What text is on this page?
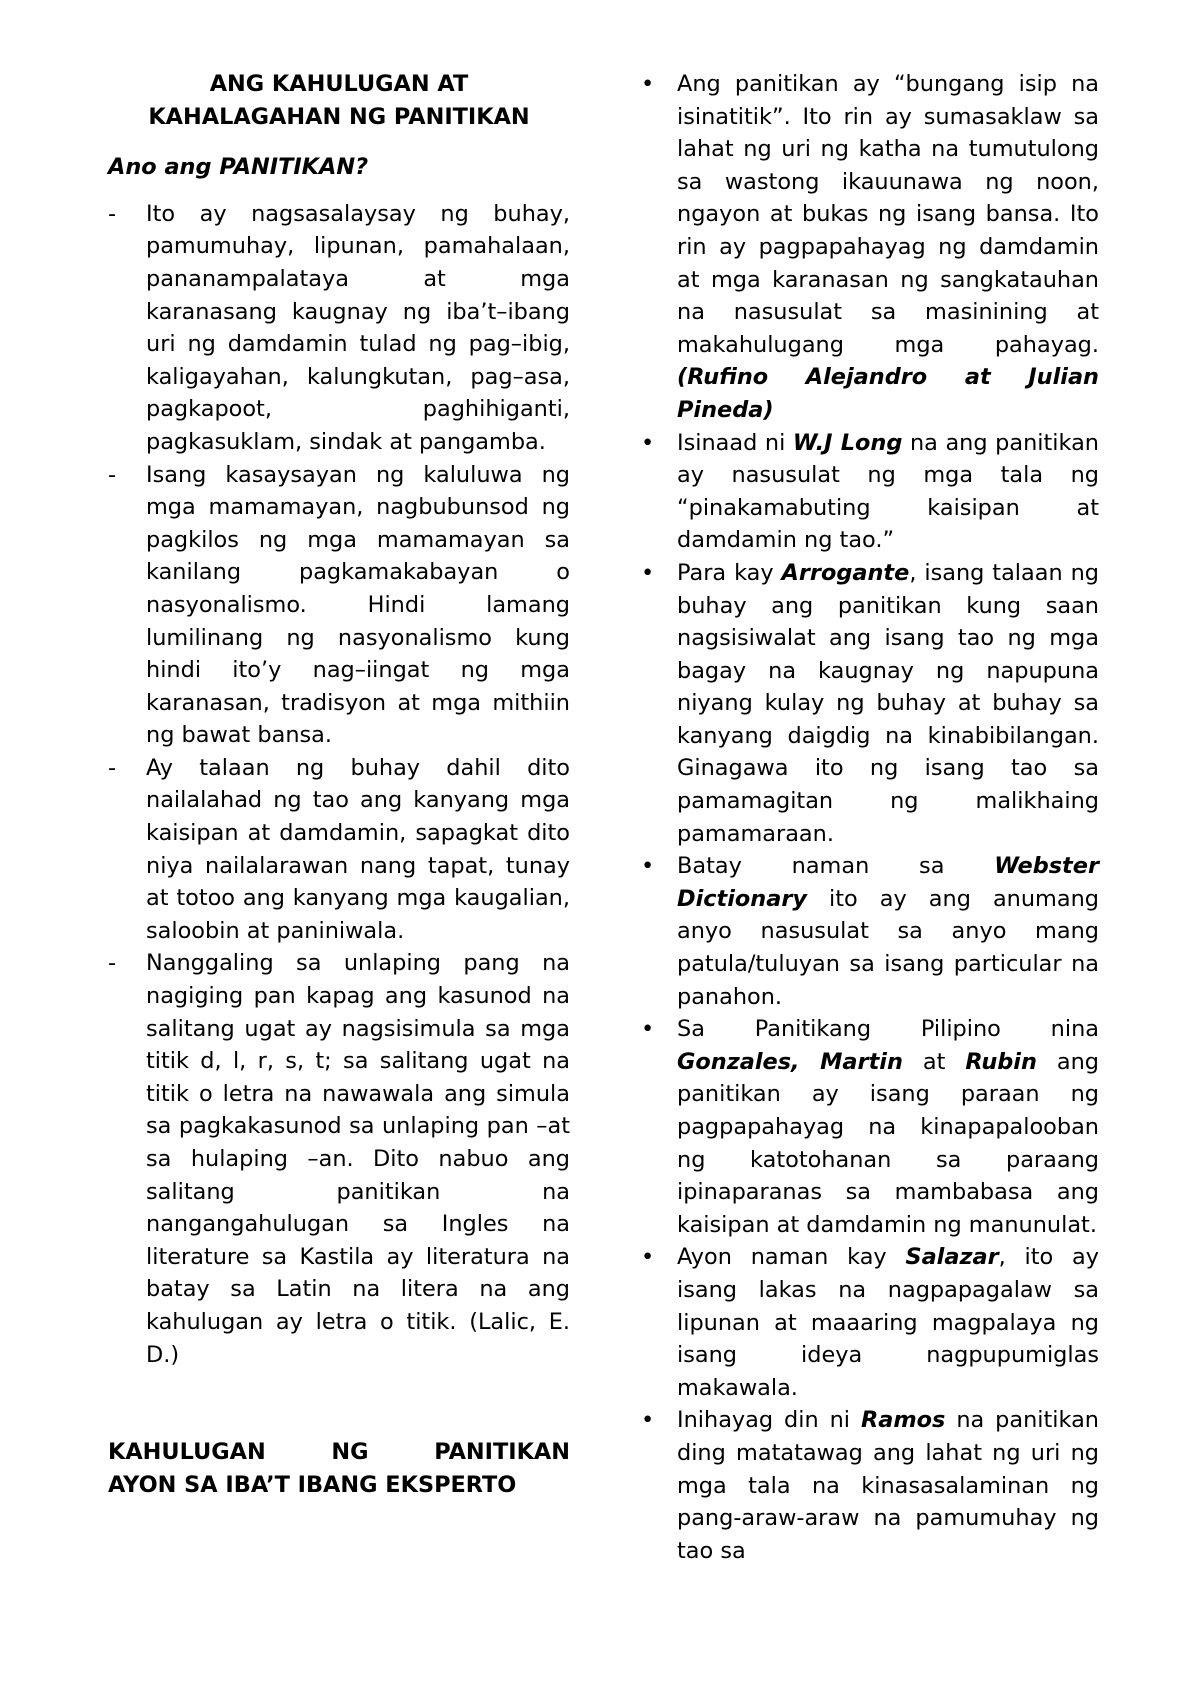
ANG KAHULUGAN AT
KAHALAGAHAN NG PANITIKAN
Ano ang PANITIKAN?
- Ito ay nagsasalaysay ng buhay, pamumuhay, lipunan, pamahalaan, pananampalataya at mga karanasang kaugnay ng iba’t–ibang uri ng damdamin tulad ng pag–ibig, kaligayahan, kalungkutan, pag–asa, pagkapoot, paghihiganti, pagkasuklam, sindak at pangamba.
- Isang kasaysayan ng kaluluwa ng mga mamamayan, nagbubunsod ng pagkilos ng mga mamamayan sa kanilang pagkamakabayan o nasyonalismo. Hindi lamang lumilinang ng nasyonalismo kung hindi ito’y nag–iingat ng mga karanasan, tradisyon at mga mithiin ng bawat bansa.
- Ay talaan ng buhay dahil dito nailalahad ng tao ang kanyang mga kaisipan at damdamin, sapagkat dito niya nailalarawan nang tapat, tunay at totoo ang kanyang mga kaugalian, saloobin at paniniwala.
- Nanggaling sa unlaping pang na nagiging pan kapag ang kasunod na salitang ugat ay nagsisimula sa mga titik d, l, r, s, t; sa salitang ugat na titik o letra na nawawala ang simula sa pagkakasunod sa unlaping pan –at sa hulaping –an. Dito nabuo ang salitang panitikan na nangangahulugan sa Ingles na literature sa Kastila ay literatura na batay sa Latin na litera na ang kahulugan ay letra o titik. (Lalic, E. D.)
KAHULUGAN NG PANITIKAN
AYON SA IBA’T IBANG EKSPERTO
• Ang panitikan ay “bungang isip na isinatitik”. Ito rin ay sumasaklaw sa lahat ng uri ng katha na tumutulong sa wastong ikauunawa ng noon, ngayon at bukas ng isang bansa. Ito rin ay pagpapahayag ng damdamin at mga karanasan ng sangkatauhan na nasusulat sa masinining at makahulugang mga pahayag. (Rufino Alejandro at Julian Pineda)
• Isinaad ni W.J Long na ang panitikan ay nasusulat ng mga tala ng “pinakamabuting kaisipan at damdamin ng tao.”
• Para kay Arrogante, isang talaan ng buhay ang panitikan kung saan nagsisiwalat ang isang tao ng mga bagay na kaugnay ng napupuna niyang kulay ng buhay at buhay sa kanyang daigdig na kinabibilangan. Ginagawa ito ng isang tao sa pamamagitan ng malikhaing pamamaraan.
• Batay naman sa Webster Dictionary ito ay ang anumang anyo nasusulat sa anyo mang patula/tuluyan sa isang particular na panahon.
• Sa Panitikang Pilipino nina Gonzales, Martin at Rubin ang panitikan ay isang paraan ng pagpapahayag na kinapapalooban ng katotohanan sa paraang ipinaparanas sa mambabasa ang kaisipan at damdamin ng manunulat.
• Ayon naman kay Salazar, ito ay isang lakas na nagpapagalaw sa lipunan at maaaring magpalaya ng isang ideya nagpupumiglas makawala.
• Inihayag din ni Ramos na panitikan ding matatawag ang lahat ng uri ng mga tala na kinasasalaminan ng pang-araw-araw na pamumuhay ng tao sa
